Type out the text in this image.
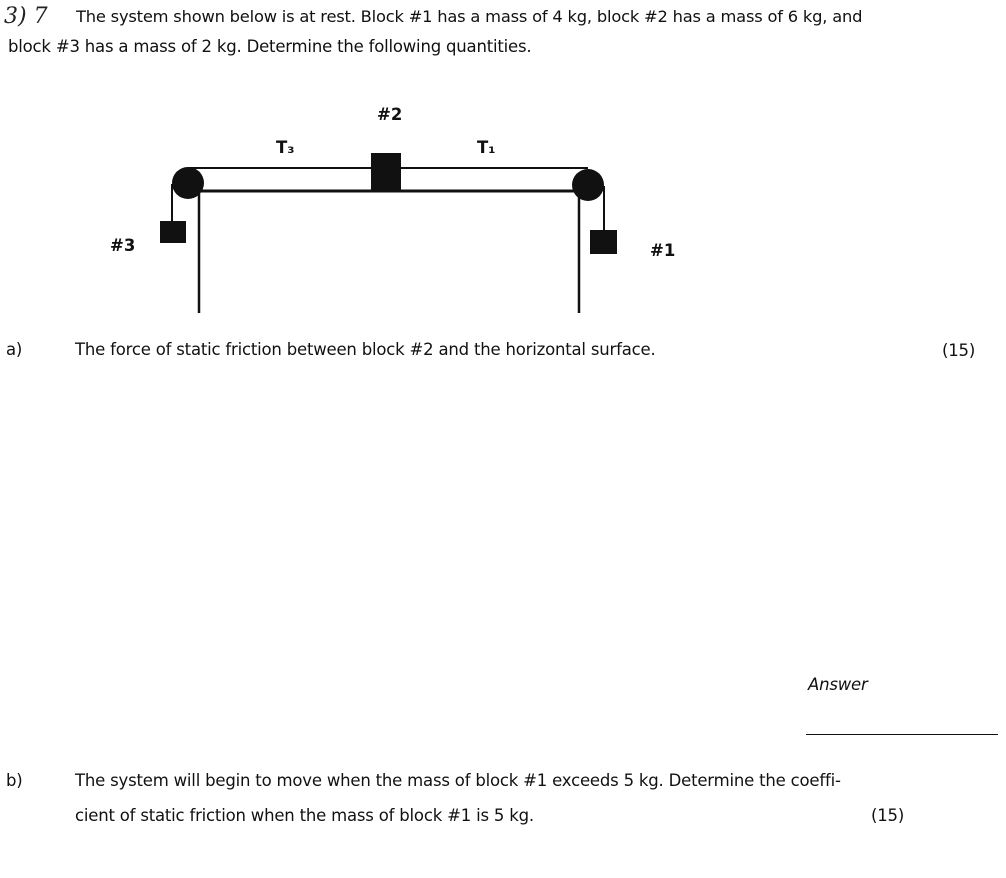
3) 7 The system shown below is at rest. Block #1 has a mass of 4 kg, block #2 has a mass of 6 kg, and
block #3 has a mass of 2 kg. Determine the following quantities.
#2
T₃	T₁
#3	#1
a)	The force of static friction between block #2 and the horizontal surface.	(15)
Answer
b)	The system will begin to move when the mass of block #1 exceeds 5 kg. Determine the coeffi-
cient of static friction when the mass of block #1 is 5 kg.	(15)
